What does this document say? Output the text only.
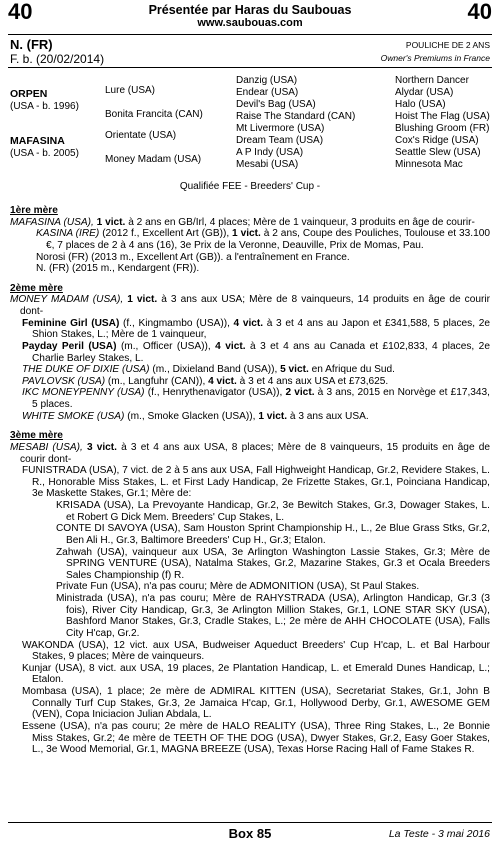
40	40
Présentée par Haras du Saubouas
www.saubouas.com
N. (FR)
F. b. (20/02/2014)
POULICHE DE 2 ANS
Owner's Premiums in France
ORPEN
(USA - b. 1996)
MAFASINA
(USA - b. 2005)
Lure (USA)
Bonita Francita (CAN)
Orientate (USA)
Money Madam (USA)
Danzig (USA)
Endear (USA)
Devil's Bag (USA)
Raise The Standard (CAN)
Mt Livermore (USA)
Dream Team (USA)
A P Indy (USA)
Mesabi (USA)
Northern Dancer
Alydar (USA)
Halo (USA)
Hoist The Flag (USA)
Blushing Groom (FR)
Cox's Ridge (USA)
Seattle Slew (USA)
Minnesota Mac
Qualifiée FEE - Breeders' Cup -

1ère mère

MAFASINA (USA), 1 vict. à 2 ans en GB/Irl, 4 places; Mère de 1 vainqueur, 3 produits en âge de courir-

KASINA (IRE) (2012 f., Excellent Art (GB)), 1 vict. à 2 ans, Coupe des Pouliches, Toulouse et 33.100 €, 7 places de 2 à 4 ans (16), 3e Prix de la Veronne, Deauville, Prix de Momas, Pau.

Norosi (FR) (2013 m., Excellent Art (GB)). a l'entraînement en France.

N. (FR) (2015 m., Kendargent (FR)).

2ème mère

MONEY MADAM (USA), 1 vict. à 3 ans aux USA; Mère de 8 vainqueurs, 14 produits en âge de courir dont-

Feminine Girl (USA) (f., Kingmambo (USA)), 4 vict. à 3 et 4 ans au Japon et £341,588, 5 places, 2e Shion Stakes, L.; Mère de 1 vainqueur,

Payday Peril (USA) (m., Officer (USA)), 4 vict. à 3 et 4 ans au Canada et £102,833, 4 places, 2e Charlie Barley Stakes, L.

THE DUKE OF DIXIE (USA) (m., Dixieland Band (USA)), 5 vict. en Afrique du Sud.

PAVLOVSK (USA) (m., Langfuhr (CAN)), 4 vict. à 3 et 4 ans aux USA et £73,625.

IKC MONEYPENNY (USA) (f., Henrythenavigator (USA)), 2 vict. à 3 ans, 2015 en Norvège et £17,343, 5 places.

WHITE SMOKE (USA) (m., Smoke Glacken (USA)), 1 vict. à 3 ans aux USA.

3ème mère

MESABI (USA), 3 vict. à 3 et 4 ans aux USA, 8 places; Mère de 8 vainqueurs, 15 produits en âge de courir dont-

FUNISTRADA (USA), 7 vict. de 2 à 5 ans aux USA, Fall Highweight Handicap, Gr.2, Revidere Stakes, L. R., Honorable Miss Stakes, L. et First Lady Handicap, 2e Frizette Stakes, Gr.1, Poinciana Handicap, 3e Maskette Stakes, Gr.1; Mère de:

KRISADA (USA), La Prevoyante Handicap, Gr.2, 3e Bewitch Stakes, Gr.3, Dowager Stakes, L. et Robert G Dick Mem. Breeders' Cup Stakes, L.

CONTE DI SAVOYA (USA), Sam Houston Sprint Championship H., L., 2e Blue Grass Stks, Gr.2, Ben Ali H., Gr.3, Baltimore Breeders' Cup H., Gr.3; Etalon.

Zahwah (USA), vainqueur aux USA, 3e Arlington Washington Lassie Stakes, Gr.3; Mère de SPRING VENTURE (USA), Natalma Stakes, Gr.2, Mazarine Stakes, Gr.3 et Ocala Breeders Sales Championship (f) R.

Private Fun (USA), n'a pas couru; Mère de ADMONITION (USA), St Paul Stakes.

Ministrada (USA), n'a pas couru; Mère de RAHYSTRADA (USA), Arlington Handicap, Gr.3 (3 fois), River City Handicap, Gr.3, 3e Arlington Million Stakes, Gr.1, LONE STAR SKY (USA), Bashford Manor Stakes, Gr.3, Cradle Stakes, L.; 2e mère de AHH CHOCOLATE (USA), Falls City H'cap, Gr.2.

WAKONDA (USA), 12 vict. aux USA, Budweiser Aqueduct Breeders' Cup H'cap, L. et Bal Harbour Stakes, 9 places; Mère de vainqueurs.

Kunjar (USA), 8 vict. aux USA, 19 places, 2e Plantation Handicap, L. et Emerald Dunes Handicap, L.; Etalon.

Mombasa (USA), 1 place; 2e mère de ADMIRAL KITTEN (USA), Secretariat Stakes, Gr.1, John B Connally Turf Cup Stakes, Gr.3, 2e Jamaica H'cap, Gr.1, Hollywood Derby, Gr.1, AWESOME GEM (VEN), Copa Iniciacion Julian Abdala, L.

Essene (USA), n'a pas couru; 2e mère de HALO REALITY (USA), Three Ring Stakes, L., 2e Bonnie Miss Stakes, Gr.2; 4e mère de TEETH OF THE DOG (USA), Dwyer Stakes, Gr.2, Easy Goer Stakes, L., 3e Wood Memorial, Gr.1, MAGNA BREEZE (USA), Texas Horse Racing Hall of Fame Stakes R.

Box 85	La Teste - 3 mai 2016
